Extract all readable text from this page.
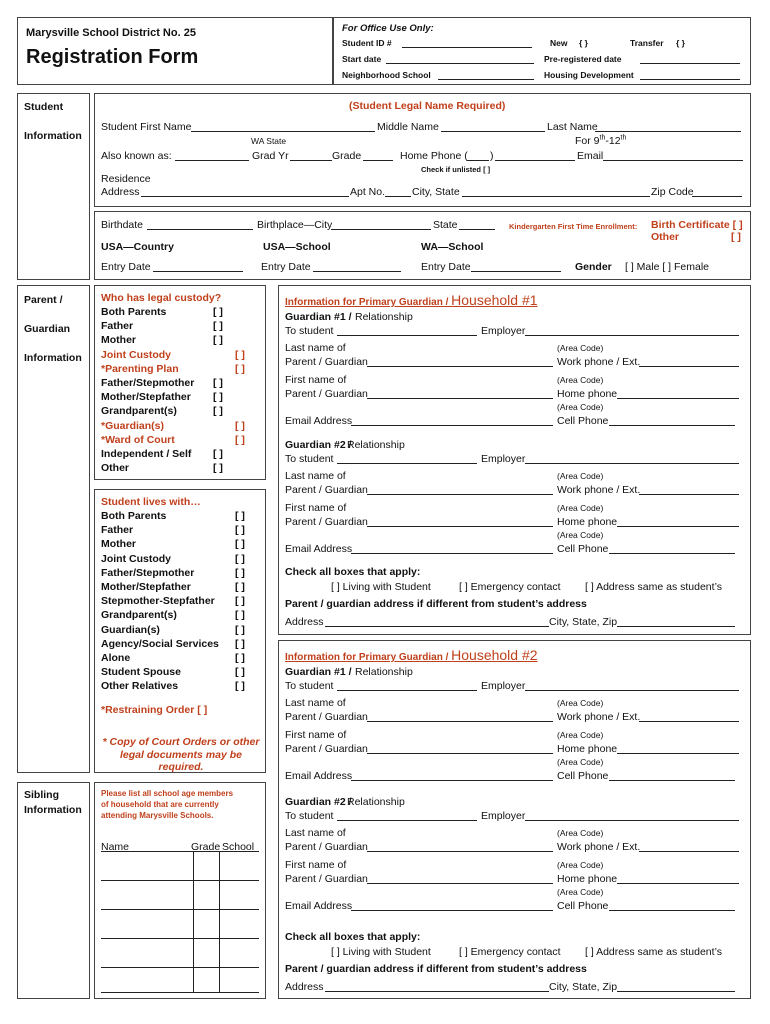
Marysville School District No. 25
Registration Form
For Office Use Only:
Student ID #	New { }	Transfer { }
Start date	Pre-registered date
Neighborhood School	Housing Development
Student
Information
(Student Legal Name Required)
Student First Name	Middle Name	Last Name
WA State	For 9th-12th
Also known as:	Grad Yr	Grade	Home Phone ( )	Email
Check if unlisted [ ]
Residence
Address	Apt No.	City, State	Zip Code
Birthdate	Birthplace—City	State	Kindergarten First Time Enrollment: Birth Certificate [ ]
Other	[ ]
USA—Country	USA—School	WA—School
Entry Date	Entry Date	Entry Date	Gender [ ] Male [ ] Female
Parent /
Guardian
Information
Who has legal custody?
Both Parents	[ ]
Father	[ ]
Mother	[ ]
Joint Custody	[ ]
*Parenting Plan	[ ]
Father/Stepmother [ ]
Mother/Stepfather [ ]
Grandparent(s)	[ ]
*Guardian(s)	[ ]
*Ward of Court	[ ]
Independent / Self [ ]
Other	[ ]
Student lives with…
Both Parents	[ ]
Father	[ ]
Mother	[ ]
Joint Custody	[ ]
Father/Stepmother	[ ]
Mother/Stepfather	[ ]
Stepmother-Stepfather [ ]
Grandparent(s)	[ ]
Guardian(s)	[ ]
Agency/Social Services [ ]
Alone	[ ]
Student Spouse	[ ]
Other Relatives	[ ]
*Restraining Order [ ]
* Copy of Court Orders or other
legal documents may be required.
Sibling
Information
Please list all school age members
of household that are currently
attending Marysville Schools.
Name	Grade School
Information for Primary Guardian / Household #1
Guardian #1 / Relationship
To student	Employer
Last name of	(Area Code)
Parent / Guardian	Work phone / Ext.
First name of	(Area Code)
Parent / Guardian	Home phone
(Area Code)
Email Address	Cell Phone
Guardian #2 /
Relationship
To student	Employer
Last name of	(Area Code)
Parent / Guardian	Work phone / Ext.
First name of	(Area Code)
Parent / Guardian	Home phone
(Area Code)
Email Address	Cell Phone
Check all boxes that apply:
[ ] Living with Student	[ ] Emergency contact [ ] Address same as student’s
Parent / guardian address if different from student’s address
Address	City, State, Zip
Information for Primary Guardian / Household #2
Guardian #1 / Relationship
To student	Employer
Last name of	(Area Code)
Parent / Guardian	Work phone / Ext.
First name of	(Area Code)
Parent / Guardian	Home phone
(Area Code)
Email Address	Cell Phone
Guardian #2 /
Relationship
To student	Employer
Last name of	(Area Code)
Parent / Guardian	Work phone / Ext.
First name of	(Area Code)
Parent / Guardian	Home phone
(Area Code)
Email Address	Cell Phone
Check all boxes that apply:
[ ] Living with Student	[ ] Emergency contact [ ] Address same as student’s
Parent / guardian address if different from student’s address
Address	City, State, Zip
